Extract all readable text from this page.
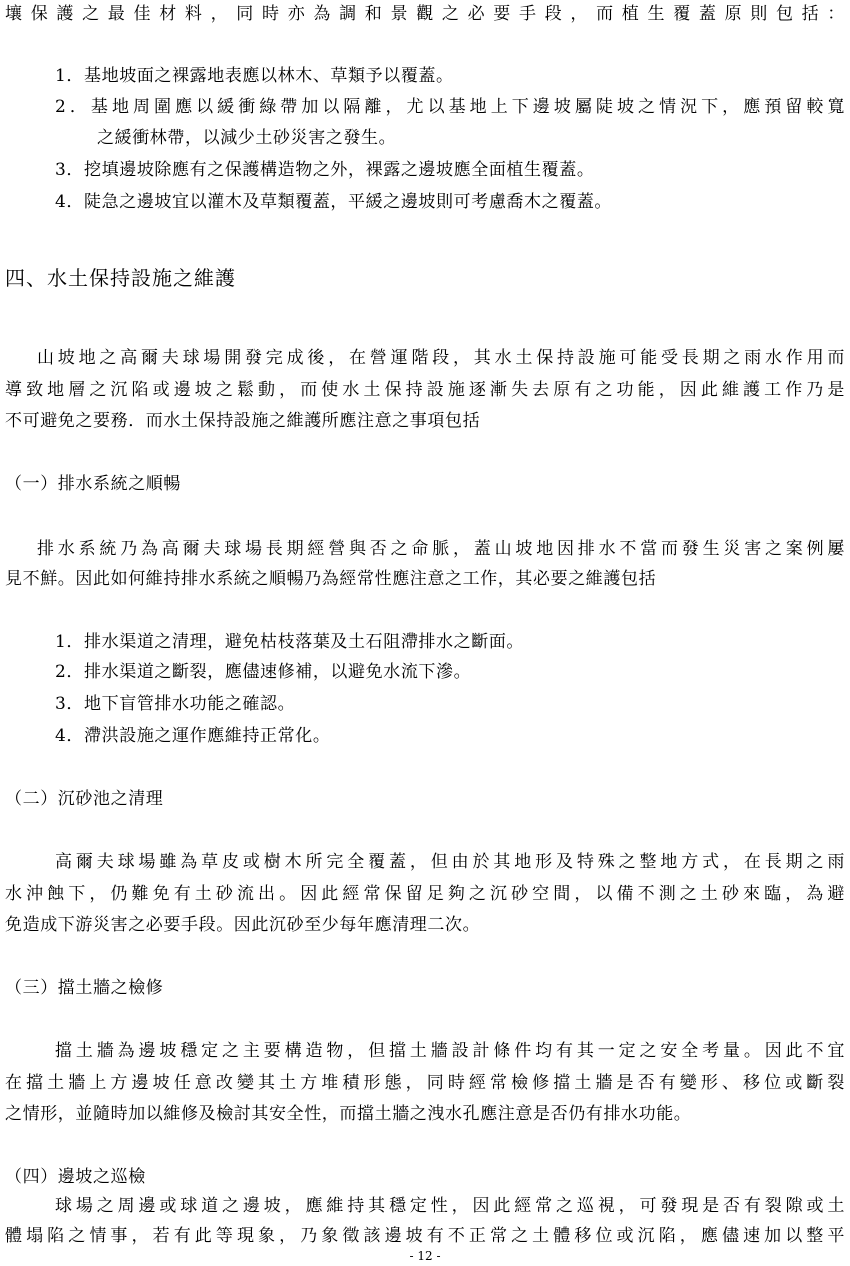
壤保護之最佳材料，同時亦為調和景觀之必要手段，而植生覆蓋原則包括：
1．基地坡面之裸露地表應以林木、草類予以覆蓋。
2．基地周圍應以緩衝綠帶加以隔離，尤以基地上下邊坡屬陡坡之情況下，應預留較寬
之緩衝林帶，以減少土砂災害之發生。
3．挖填邊坡除應有之保護構造物之外，裸露之邊坡應全面植生覆蓋。
4．陡急之邊坡宜以灌木及草類覆蓋，平緩之邊坡則可考慮喬木之覆蓋。
四、水土保持設施之維護
山坡地之高爾夫球場開發完成後，在營運階段，其水土保持設施可能受長期之雨水作用而
導致地層之沉陷或邊坡之鬆動，而使水土保持設施逐漸失去原有之功能，因此維護工作乃是
不可避免之要務．而水土保持設施之維護所應注意之事項包括
（一）排水系統之順暢
排水系統乃為高爾夫球場長期經營與否之命脈，蓋山坡地因排水不當而發生災害之案例屢
見不鮮。因此如何維持排水系統之順暢乃為經常性應注意之工作，其必要之維護包括
1．排水渠道之清理，避免枯枝落葉及土石阻滯排水之斷面。
2．排水渠道之斷裂，應儘速修補，以避免水流下滲。
3．地下盲管排水功能之確認。
4．滯洪設施之運作應維持正常化。
（二）沉砂池之清理
高爾夫球場雖為草皮或樹木所完全覆蓋，但由於其地形及特殊之整地方式，在長期之雨
水沖蝕下，仍難免有土砂流出。因此經常保留足夠之沉砂空間，以備不測之土砂來臨，為避
免造成下游災害之必要手段。因此沉砂至少每年應清理二次。
（三）擋土牆之檢修
擋土牆為邊坡穩定之主要構造物，但擋土牆設計條件均有其一定之安全考量。因此不宜
在擋土牆上方邊坡任意改變其土方堆積形態，同時經常檢修擋土牆是否有變形、移位或斷裂
之情形，並隨時加以維修及檢討其安全性，而擋土牆之洩水孔應注意是否仍有排水功能。
（四）邊坡之巡檢
球場之周邊或球道之邊坡，應維持其穩定性，因此經常之巡視，可發現是否有裂隙或土
體塌陷之情事，若有此等現象，乃象徵該邊坡有不正常之土體移位或沉陷，應儘速加以整平
- 12 -
